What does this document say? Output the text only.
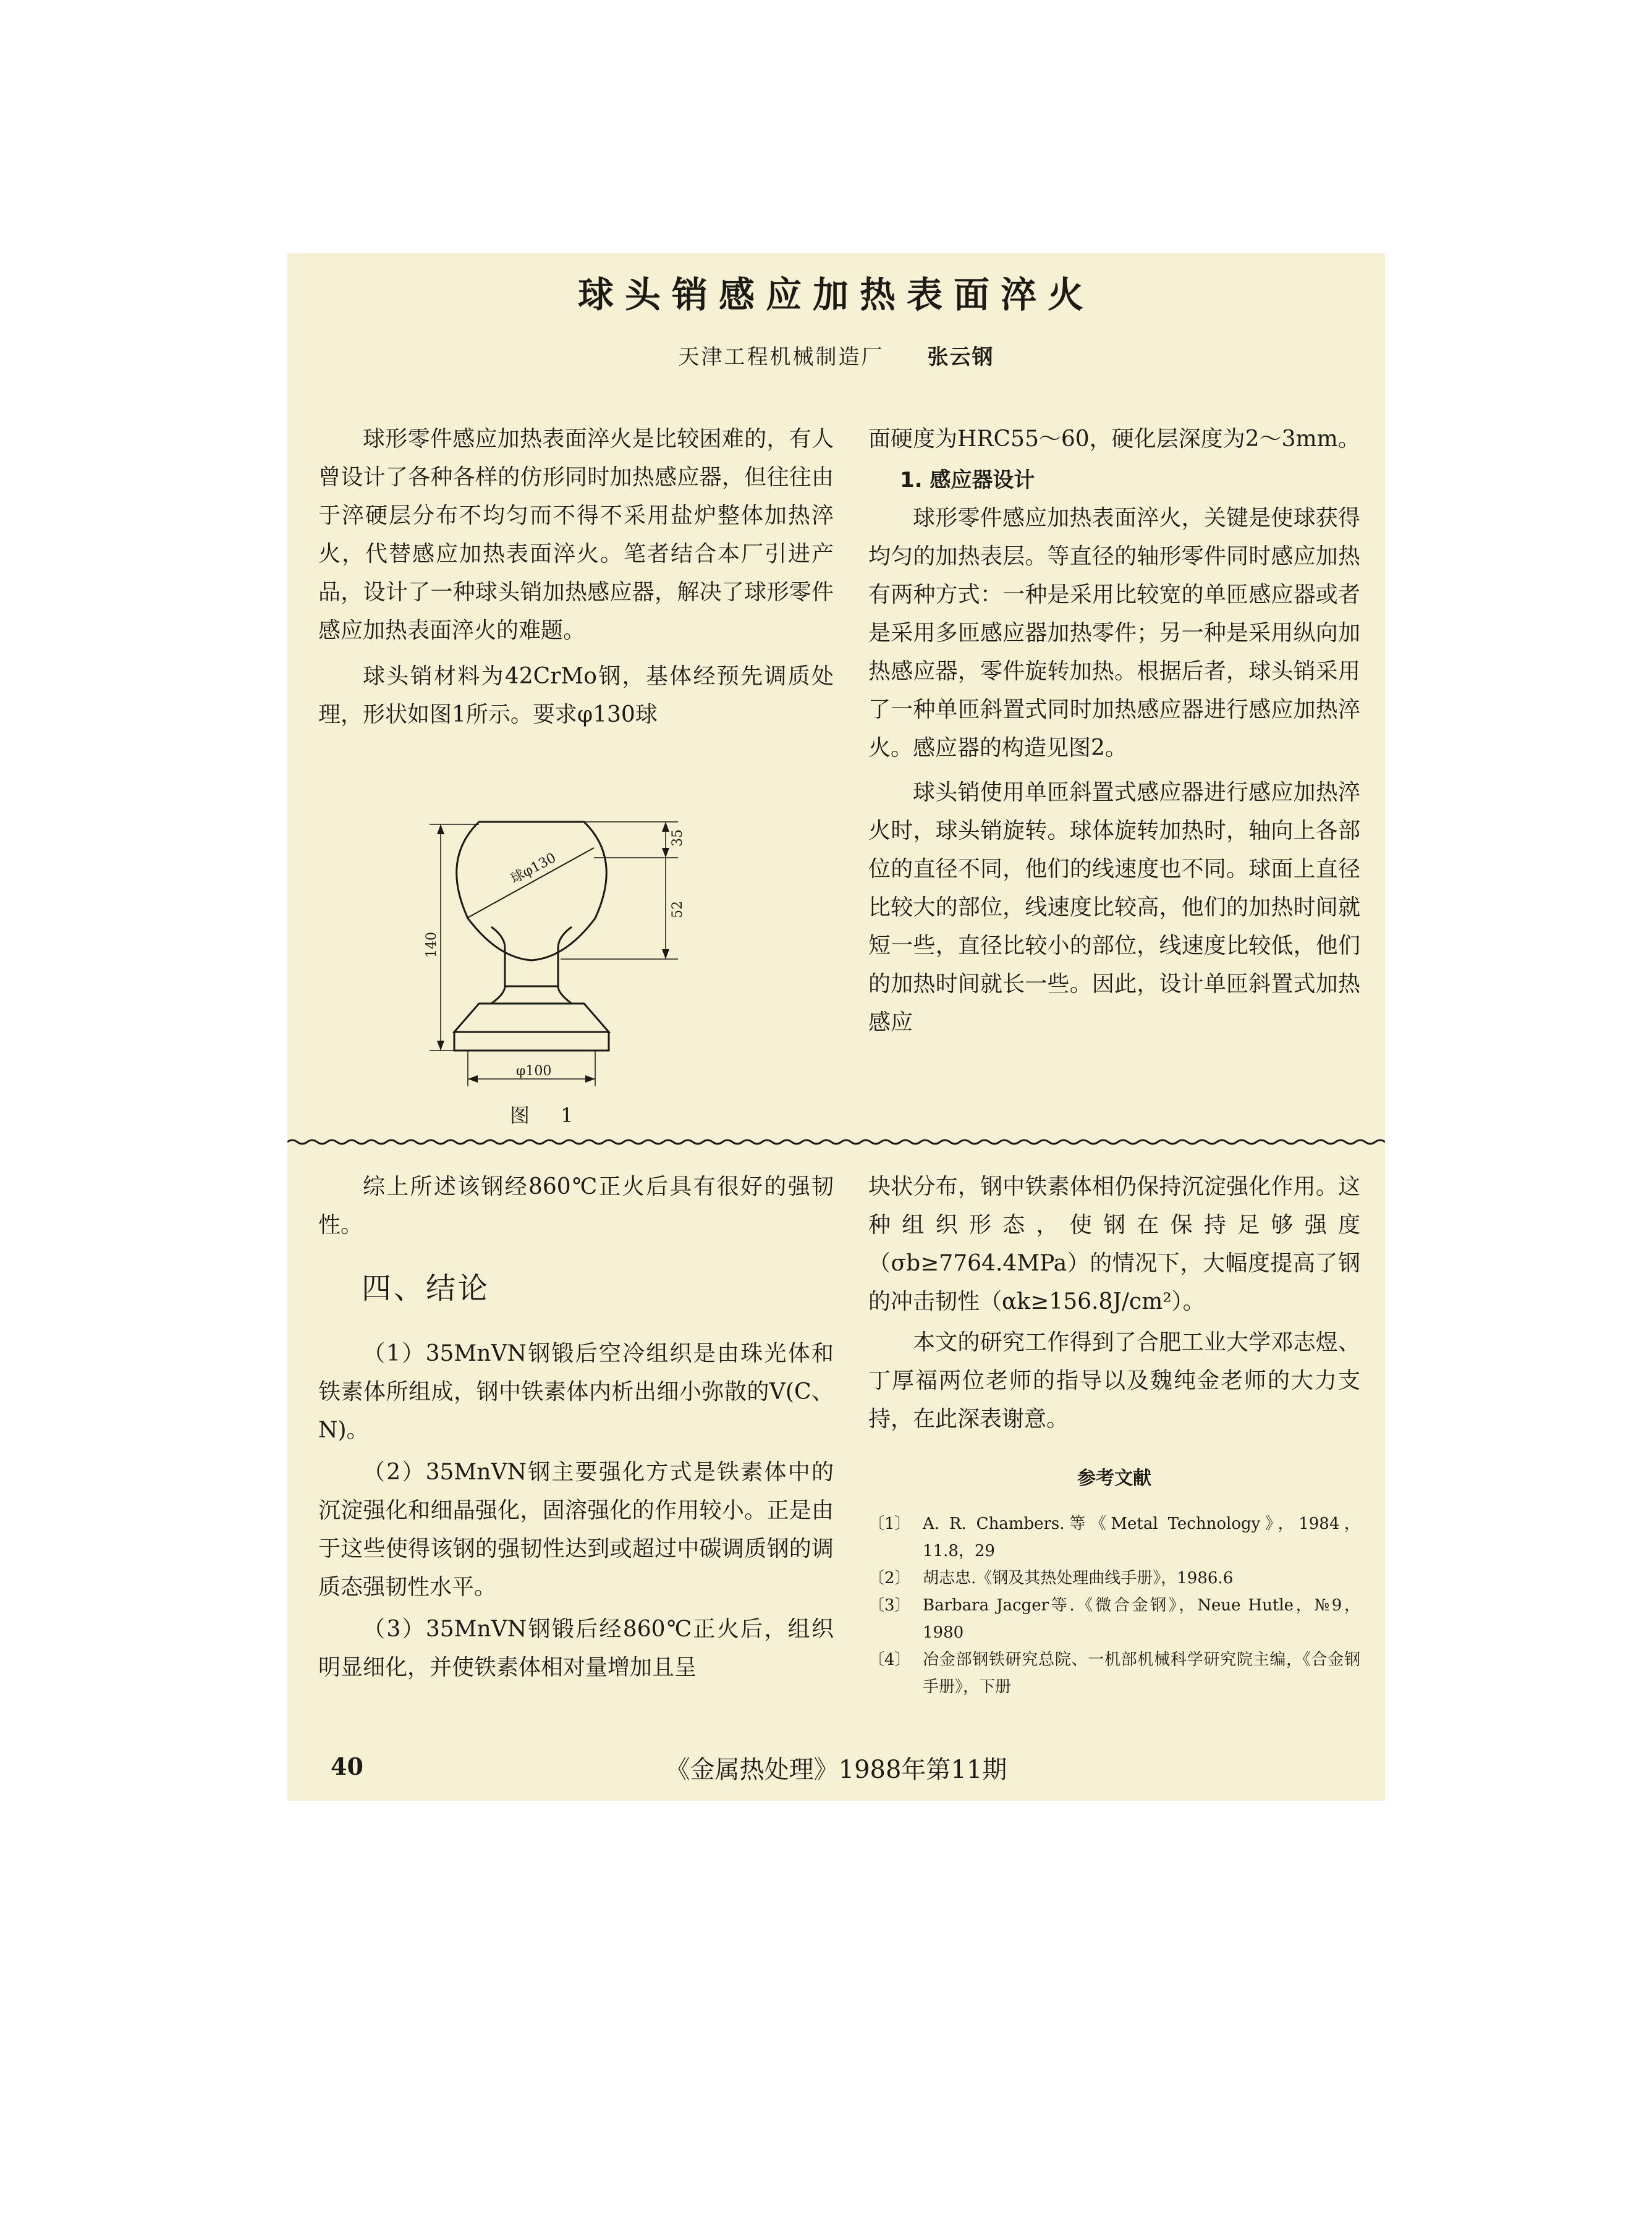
球头销感应加热表面淬火
天津工程机械制造厂 张云钢

球形零件感应加热表面淬火是比较困难的，有人曾设计了各种各样的仿形同时加热感应器，但往往由于淬硬层分布不均匀而不得不采用盐炉整体加热淬火，代替感应加热表面淬火。笔者结合本厂引进产品，设计了一种球头销加热感应器，解决了球形零件感应加热表面淬火的难题。

球头销材料为42CrMo钢，基体经预先调质处理，形状如图1所示。要求φ130球

球φ130
35
52
140
φ100
图 1

面硬度为HRC55～60，硬化层深度为2～3mm。

1. 感应器设计

球形零件感应加热表面淬火，关键是使球获得均匀的加热表层。等直径的轴形零件同时感应加热有两种方式：一种是采用比较宽的单匝感应器或者是采用多匝感应器加热零件；另一种是采用纵向加热感应器，零件旋转加热。根据后者，球头销采用了一种单匝斜置式同时加热感应器进行感应加热淬火。感应器的构造见图2。

球头销使用单匝斜置式感应器进行感应加热淬火时，球头销旋转。球体旋转加热时，轴向上各部位的直径不同，他们的线速度也不同。球面上直径比较大的部位，线速度比较高，他们的加热时间就短一些，直径比较小的部位，线速度比较低，他们的加热时间就长一些。因此，设计单匝斜置式加热感应

综上所述该钢经860℃正火后具有很好的强韧性。

四、结论

（1）35MnVN钢锻后空冷组织是由珠光体和铁素体所组成，钢中铁素体内析出细小弥散的V(C、N)。

（2）35MnVN钢主要强化方式是铁素体中的沉淀强化和细晶强化，固溶强化的作用较小。正是由于这些使得该钢的强韧性达到或超过中碳调质钢的调质态强韧性水平。

（3）35MnVN钢锻后经860℃正火后，组织明显细化，并使铁素体相对量增加且呈

块状分布，钢中铁素体相仍保持沉淀强化作用。这种组织形态，使钢在保持足够强度（σb≥7764.4MPa）的情况下，大幅度提高了钢的冲击韧性（αk≥156.8J/cm²）。

本文的研究工作得到了合肥工业大学邓志煜、丁厚福两位老师的指导以及魏纯金老师的大力支持，在此深表谢意。

参考文献
〔1〕 A. R. Chambers.等《Metal Technology》，1984，11.8，29
〔2〕 胡志忠.《钢及其热处理曲线手册》，1986.6
〔3〕 Barbara Jacger等.《微合金钢》，Neue Hutle，№9，1980
〔4〕 冶金部钢铁研究总院、一机部机械科学研究院主编，《合金钢手册》，下册
《金属热处理》1988年第11期
40
